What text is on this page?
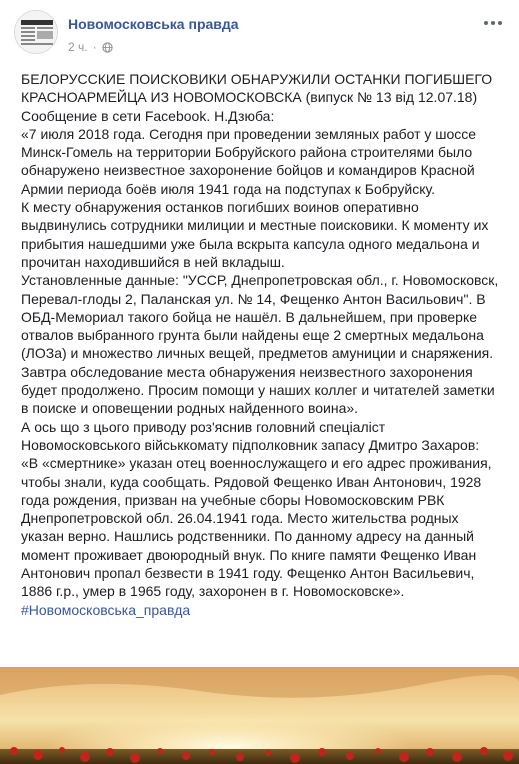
Новомосковська правда
2 ч. ·

БЕЛОРУССКИЕ ПОИСКОВИКИ ОБНАРУЖИЛИ ОСТАНКИ ПОГИБШЕГО КРАСНОАРМЕЙЦА ИЗ НОВОМОСКОВСКА (випуск № 13 від 12.07.18)

Сообщение в сети Facebook. Н.Дзюба:

«7 июля 2018 года. Сегодня при проведении земляных работ у шоссе Минск-Гомель на территории Бобруйского района строителями было обнаружено неизвестное захоронение бойцов и командиров Красной Армии периода боёв июля 1941 года на подступах к Бобруйску.

К месту обнаружения останков погибших воинов оперативно выдвинулись сотрудники милиции и местные поисковики. К моменту их прибытия нашедшими уже была вскрыта капсула одного медальона и прочитан находившийся в ней вкладыш.

Установленные данные: "УССР, Днепропетровская обл., г. Новомосковск, Перевал-глоды 2, Паланская ул. № 14, Фещенко Антон Васильович". В ОБД-Мемориал такого бойца не нашёл. В дальнейшем, при проверке отвалов выбранного грунта были найдены еще 2 смертных медальона (ЛОЗа) и множество личных вещей, предметов амуниции и снаряжения.

Завтра обследование места обнаружения неизвестного захоронения будет продолжено. Просим помощи у наших коллег и читателей заметки в поиске и оповещении родных найденного воина».

А ось що з цього приводу роз'яснив головний спеціаліст Новомосковського військкомату підполковник запасу Дмитро Захаров:

«В «смертнике» указан отец военнослужащего и его адрес проживания, чтобы знали, куда сообщать. Рядовой Фещенко Иван Антонович, 1928 года рождения, призван на учебные сборы Новомосковским РВК Днепропетровской обл. 26.04.1941 года. Место жительства родных указан верно. Нашлись родственники. По данному адресу на данный момент проживает двоюродный внук. По книге памяти Фещенко Иван Антонович пропал безвести в 1941 году. Фещенко Антон Васильевич, 1886 г.р., умер в 1965 году, захоронен в г. Новомосковске».

#Новомосковська_правда
